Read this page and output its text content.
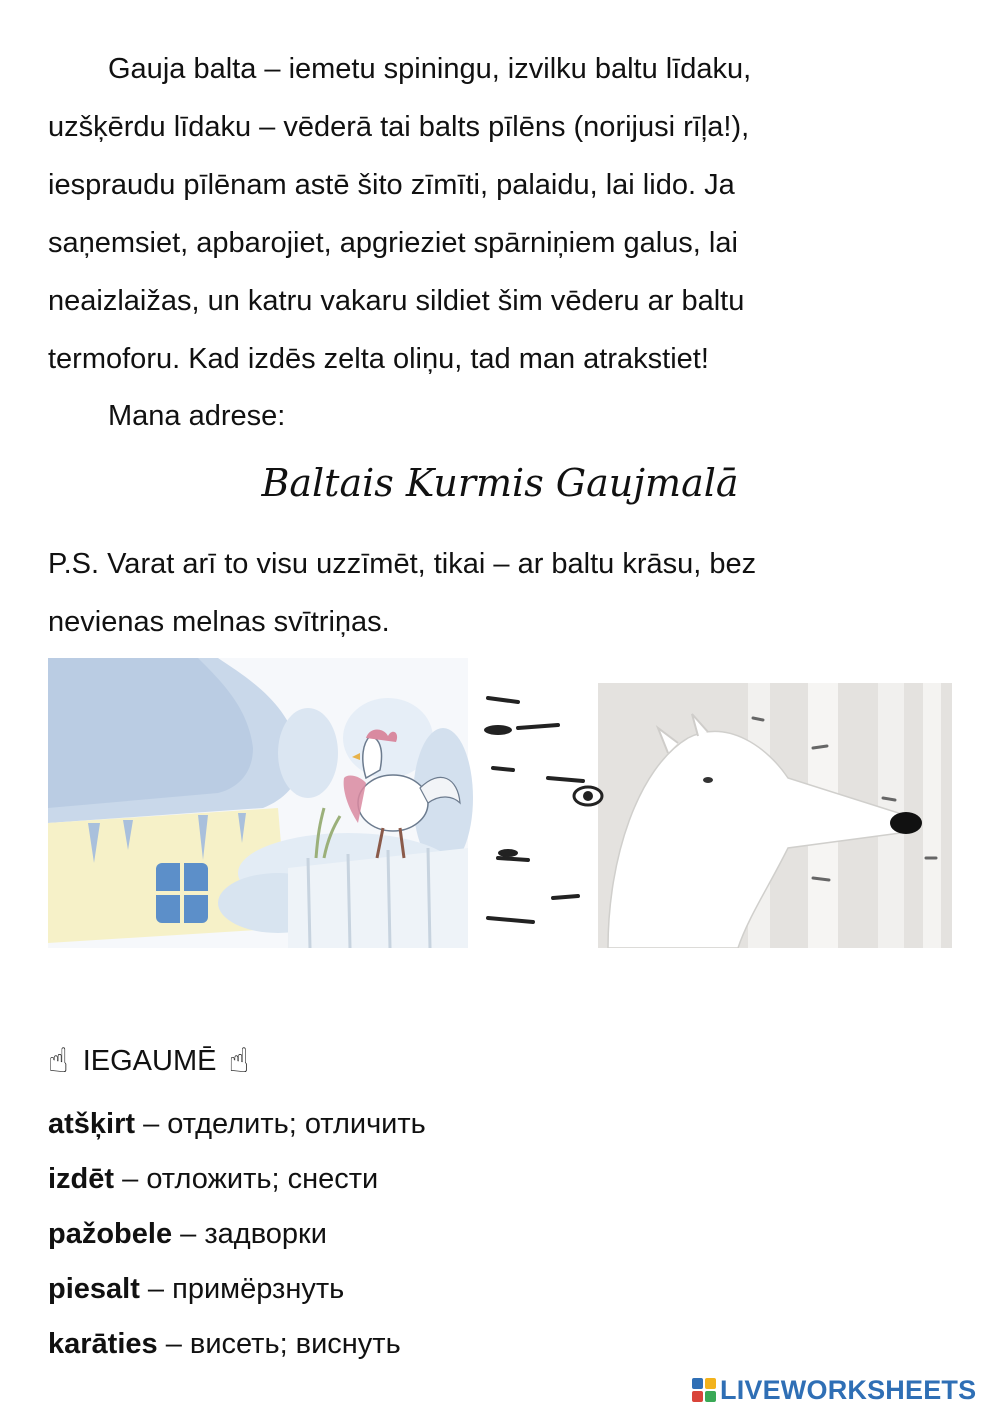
Gauja balta – iemetu spiningu, izvilku baltu līdaku,
uzšķērdu līdaku – vēderā tai balts pīlēns (norijusi rīļa!),
iespraudu pīlēnam astē šito zīmīti, palaidu, lai lido. Ja
saņemsiet, apbarojiet, apgrieziet spārniņiem galus, lai
neaizlaižas, un katru vakaru sildiet šim vēderu ar baltu
termoforu. Kad izdēs zelta oliņu, tad man atrakstiet!

Mana adrese:

Baltais Kurmis Gaujmalā

P.S. Varat arī to visu uzzīmēt, tikai – ar baltu krāsu, bez
nevienas melnas svītriņas.

☝ IEGAUMĒ ☝
atšķirt – отделить; отличить
izdēt – отложить; снести
pažobele – задворки
piesalt – примёрзнуть
karāties – висеть; виснуть
LIVEWORKSHEETS
